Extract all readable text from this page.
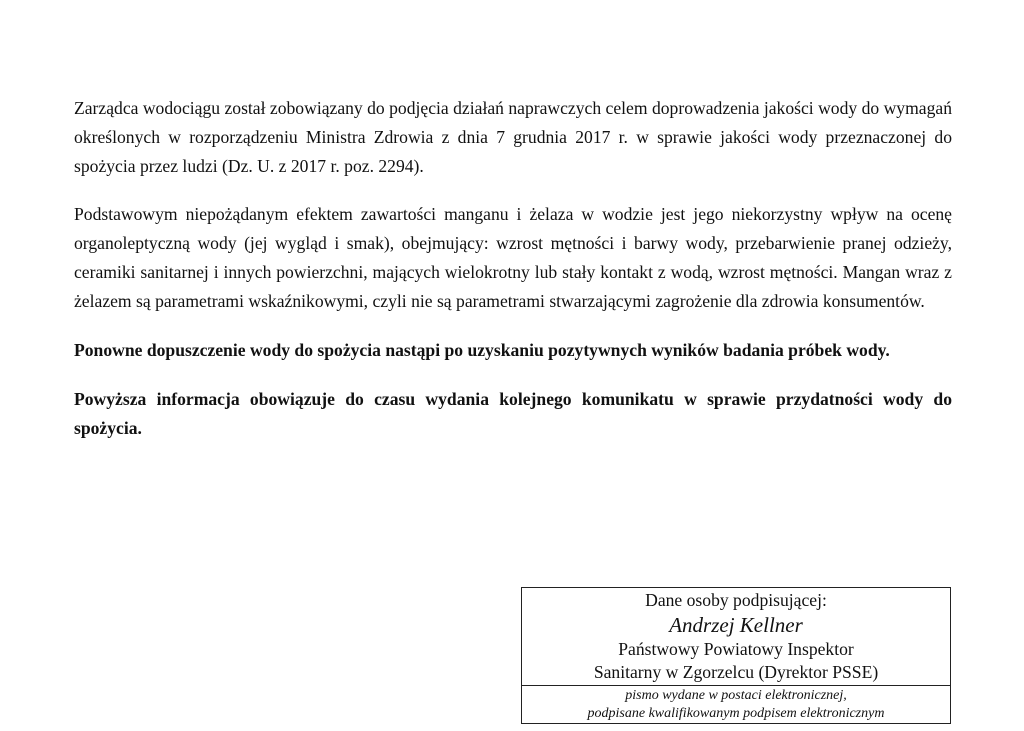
Zarządca wodociągu został zobowiązany do podjęcia działań naprawczych celem doprowadzenia jakości wody do wymagań określonych w rozporządzeniu Ministra Zdrowia z dnia 7 grudnia 2017 r. w sprawie jakości wody przeznaczonej do spożycia przez ludzi (Dz. U. z 2017 r. poz. 2294).

Podstawowym niepożądanym efektem zawartości manganu i żelaza w wodzie jest jego niekorzystny wpływ na ocenę organoleptyczną wody (jej wygląd i smak), obejmujący: wzrost mętności i barwy wody, przebarwienie pranej odzieży, ceramiki sanitarnej i innych powierzchni, mających wielokrotny lub stały kontakt z wodą, wzrost mętności. Mangan wraz z żelazem są parametrami wskaźnikowymi, czyli nie są parametrami stwarzającymi zagrożenie dla zdrowia konsumentów.

Ponowne dopuszczenie wody do spożycia nastąpi po uzyskaniu pozytywnych wyników badania próbek wody.

Powyższa informacja obowiązuje do czasu wydania kolejnego komunikatu w sprawie przydatności wody do spożycia.

Dane osoby podpisującej:
Andrzej Kellner
Państwowy Powiatowy Inspektor
Sanitarny w Zgorzelcu (Dyrektor PSSE)
pismo wydane w postaci elektronicznej,
podpisane kwalifikowanym podpisem elektronicznym
